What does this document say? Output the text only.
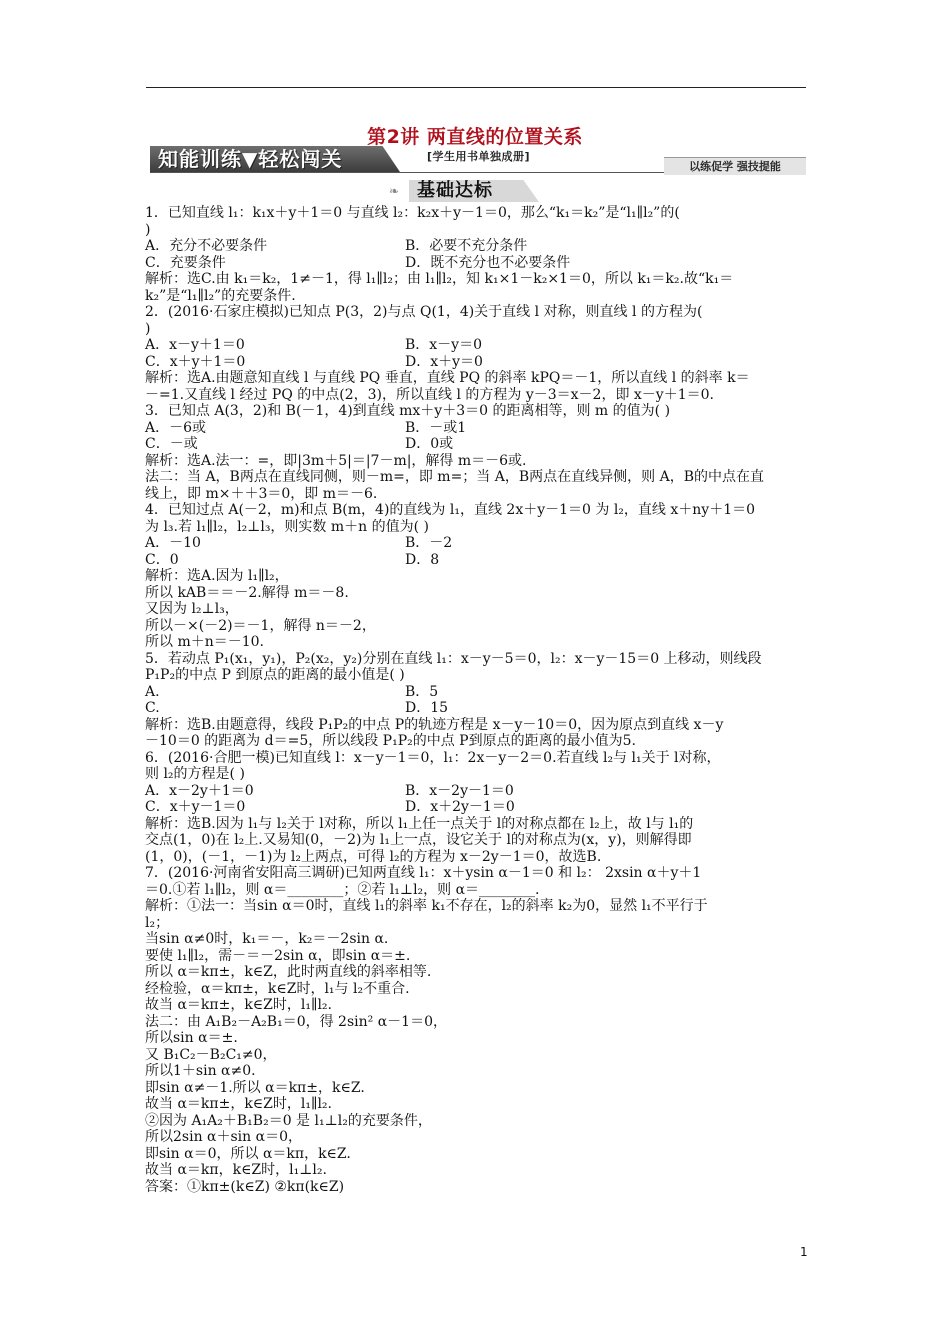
第2讲 两直线的位置关系
知能训练▼轻松闯关	[学生用书单独成册]
以练促学 强技提能
❧ 基础达标
1．已知直线 l₁：k₁x＋y＋1＝0 与直线 l₂：k₂x＋y－1＝0，那么“k₁＝k₂”是“l₁∥l₂”的(
)
A．充分不必要条件	B．必要不充分条件
C．充要条件	D．既不充分也不必要条件
解析：选C.由 k₁＝k₂，1≠－1，得 l₁∥l₂；由 l₁∥l₂，知 k₁×1－k₂×1＝0，所以 k₁＝k₂.故“k₁＝
k₂”是“l₁∥l₂”的充要条件.
2．(2016·石家庄模拟)已知点 P(3，2)与点 Q(1，4)关于直线 l 对称，则直线 l 的方程为(
)
A．x－y＋1＝0	B．x－y＝0
C．x＋y＋1＝0	D．x＋y＝0
解析：选A.由题意知直线 l 与直线 PQ 垂直，直线 PQ 的斜率 kPQ＝－1，所以直线 l 的斜率 k＝
－=1.又直线 l 经过 PQ 的中点(2，3)，所以直线 l 的方程为 y－3＝x－2，即 x－y＋1＝0.
3．已知点 A(3，2)和 B(－1，4)到直线 mx＋y＋3＝0 的距离相等，则 m 的值为( )
A．－6或	B．－或1
C．－或	D．0或
解析：选A.法一：=，即|3m＋5|＝|7－m|，解得 m＝－6或.
法二：当 A，B两点在直线同侧，则－m=，即 m=；当 A，B两点在直线异侧，则 A，B的中点在直
线上，即 m×＋＋3＝0，即 m＝－6.
4．已知过点 A(－2，m)和点 B(m，4)的直线为 l₁，直线 2x＋y－1＝0 为 l₂，直线 x＋ny＋1＝0
为 l₃.若 l₁∥l₂，l₂⊥l₃，则实数 m＋n 的值为( )
A．－10	B．－2
C．0	D．8
解析：选A.因为 l₁∥l₂，
所以 kAB＝＝－2.解得 m＝－8.
又因为 l₂⊥l₃，
所以－×(－2)＝－1，解得 n＝－2，
所以 m＋n＝－10.
5．若动点 P₁(x₁，y₁)，P₂(x₂，y₂)分别在直线 l₁：x－y－5＝0，l₂：x－y－15＝0 上移动，则线段
P₁P₂的中点 P 到原点的距离的最小值是( )
A.	B．5
C.	D．15
解析：选B.由题意得，线段 P₁P₂的中点 P的轨迹方程是 x－y－10＝0，因为原点到直线 x－y
－10＝0 的距离为 d＝=5，所以线段 P₁P₂的中点 P到原点的距离的最小值为5.
6．(2016·合肥一模)已知直线 l：x－y－1＝0，l₁：2x－y－2＝0.若直线 l₂与 l₁关于 l对称，
则 l₂的方程是( )
A．x－2y＋1＝0	B．x－2y－1＝0
C．x＋y－1＝0	D．x＋2y－1＝0
解析：选B.因为 l₁与 l₂关于 l对称，所以 l₁上任一点关于 l的对称点都在 l₂上，故 l与 l₁的
交点(1，0)在 l₂上.又易知(0，－2)为 l₁上一点，设它关于 l的对称点为(x，y)，则解得即
(1，0)，(－1，－1)为 l₂上两点，可得 l₂的方程为 x－2y－1＝0，故选B.
7．(2016·河南省安阳高三调研)已知两直线 l₁：x＋ysin α－1＝0 和 l₂： 2xsin α＋y＋1
＝0.①若 l₁∥l₂，则 α＝________；②若 l₁⊥l₂，则 α＝________.
解析：①法一：当sin α＝0时，直线 l₁的斜率 k₁不存在，l₂的斜率 k₂为0，显然 l₁不平行于
l₂；
当sin α≠0时，k₁＝－，k₂＝－2sin α.
要使 l₁∥l₂，需－＝－2sin α，即sin α＝±.
所以 α＝kπ±，k∈Z，此时两直线的斜率相等.
经检验，α＝kπ±，k∈Z时，l₁与 l₂不重合.
故当 α＝kπ±，k∈Z时，l₁∥l₂.
法二：由 A₁B₂－A₂B₁＝0，得 2sin² α－1＝0，
所以sin α＝±.
又 B₁C₂－B₂C₁≠0，
所以1＋sin α≠0.
即sin α≠－1.所以 α＝kπ±，k∈Z.
故当 α＝kπ±，k∈Z时，l₁∥l₂.
②因为 A₁A₂＋B₁B₂＝0 是 l₁⊥l₂的充要条件，
所以2sin α＋sin α＝0，
即sin α＝0，所以 α＝kπ，k∈Z.
故当 α＝kπ，k∈Z时，l₁⊥l₂.
答案：①kπ±(k∈Z) ②kπ(k∈Z)
1
